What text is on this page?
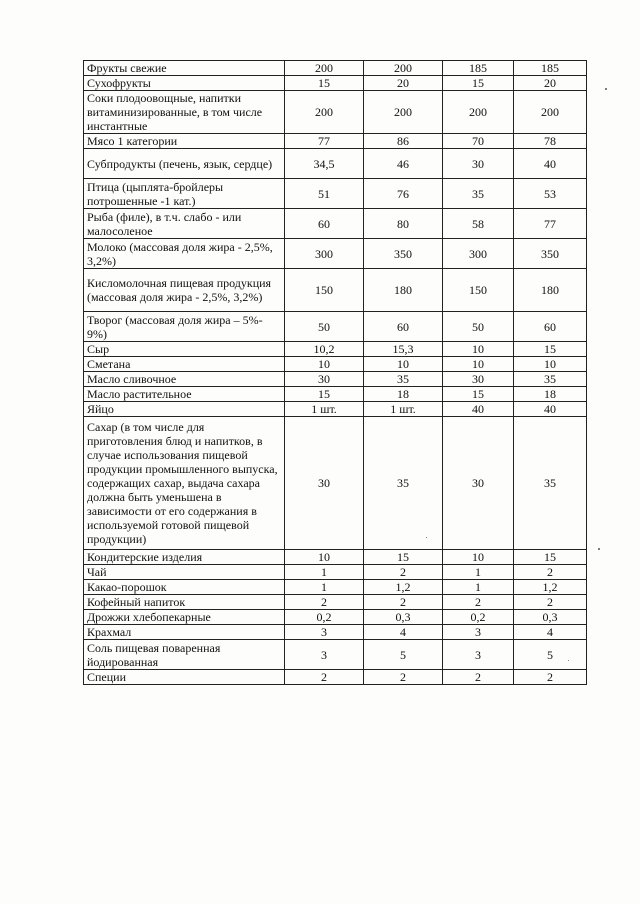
Фрукты свежие	200	200	185	185
Сухофрукты	15	20	15	20
Соки плодоовощные, напитки витаминизированные, в том числе инстантные	200	200	200	200
Мясо 1 категории	77	86	70	78
Субпродукты (печень, язык, сердце)	34,5	46	30	40
Птица (цыплята-бройлеры потрошенные -1 кат.)	51	76	35	53
Рыба (филе), в т.ч. слабо - или малосоленое	60	80	58	77
Молоко (массовая доля жира - 2,5%, 3,2%)	300	350	300	350
Кисломолочная пищевая продукция (массовая доля жира - 2,5%, 3,2%)	150	180	150	180
Творог (массовая доля жира – 5%- 9%)	50	60	50	60
Сыр	10,2	15,3	10	15
Сметана	10	10	10	10
Масло сливочное	30	35	30	35
Масло растительное	15	18	15	18
Яйцо	1 шт.	1 шт.	40	40
Сахар (в том числе для приготовления блюд и напитков, в случае использования пищевой продукции промышленного выпуска, содержащих сахар, выдача сахара должна быть уменьшена в зависимости от его содержания в используемой готовой пищевой продукции)	30	35	30	35
Кондитерские изделия	10	15	10	15
Чай	1	2	1	2
Какао-порошок	1	1,2	1	1,2
Кофейный напиток	2	2	2	2
Дрожжи хлебопекарные	0,2	0,3	0,2	0,3
Крахмал	3	4	3	4
Соль пищевая поваренная йодированная	3	5	3	5
Специи	2	2	2	2
